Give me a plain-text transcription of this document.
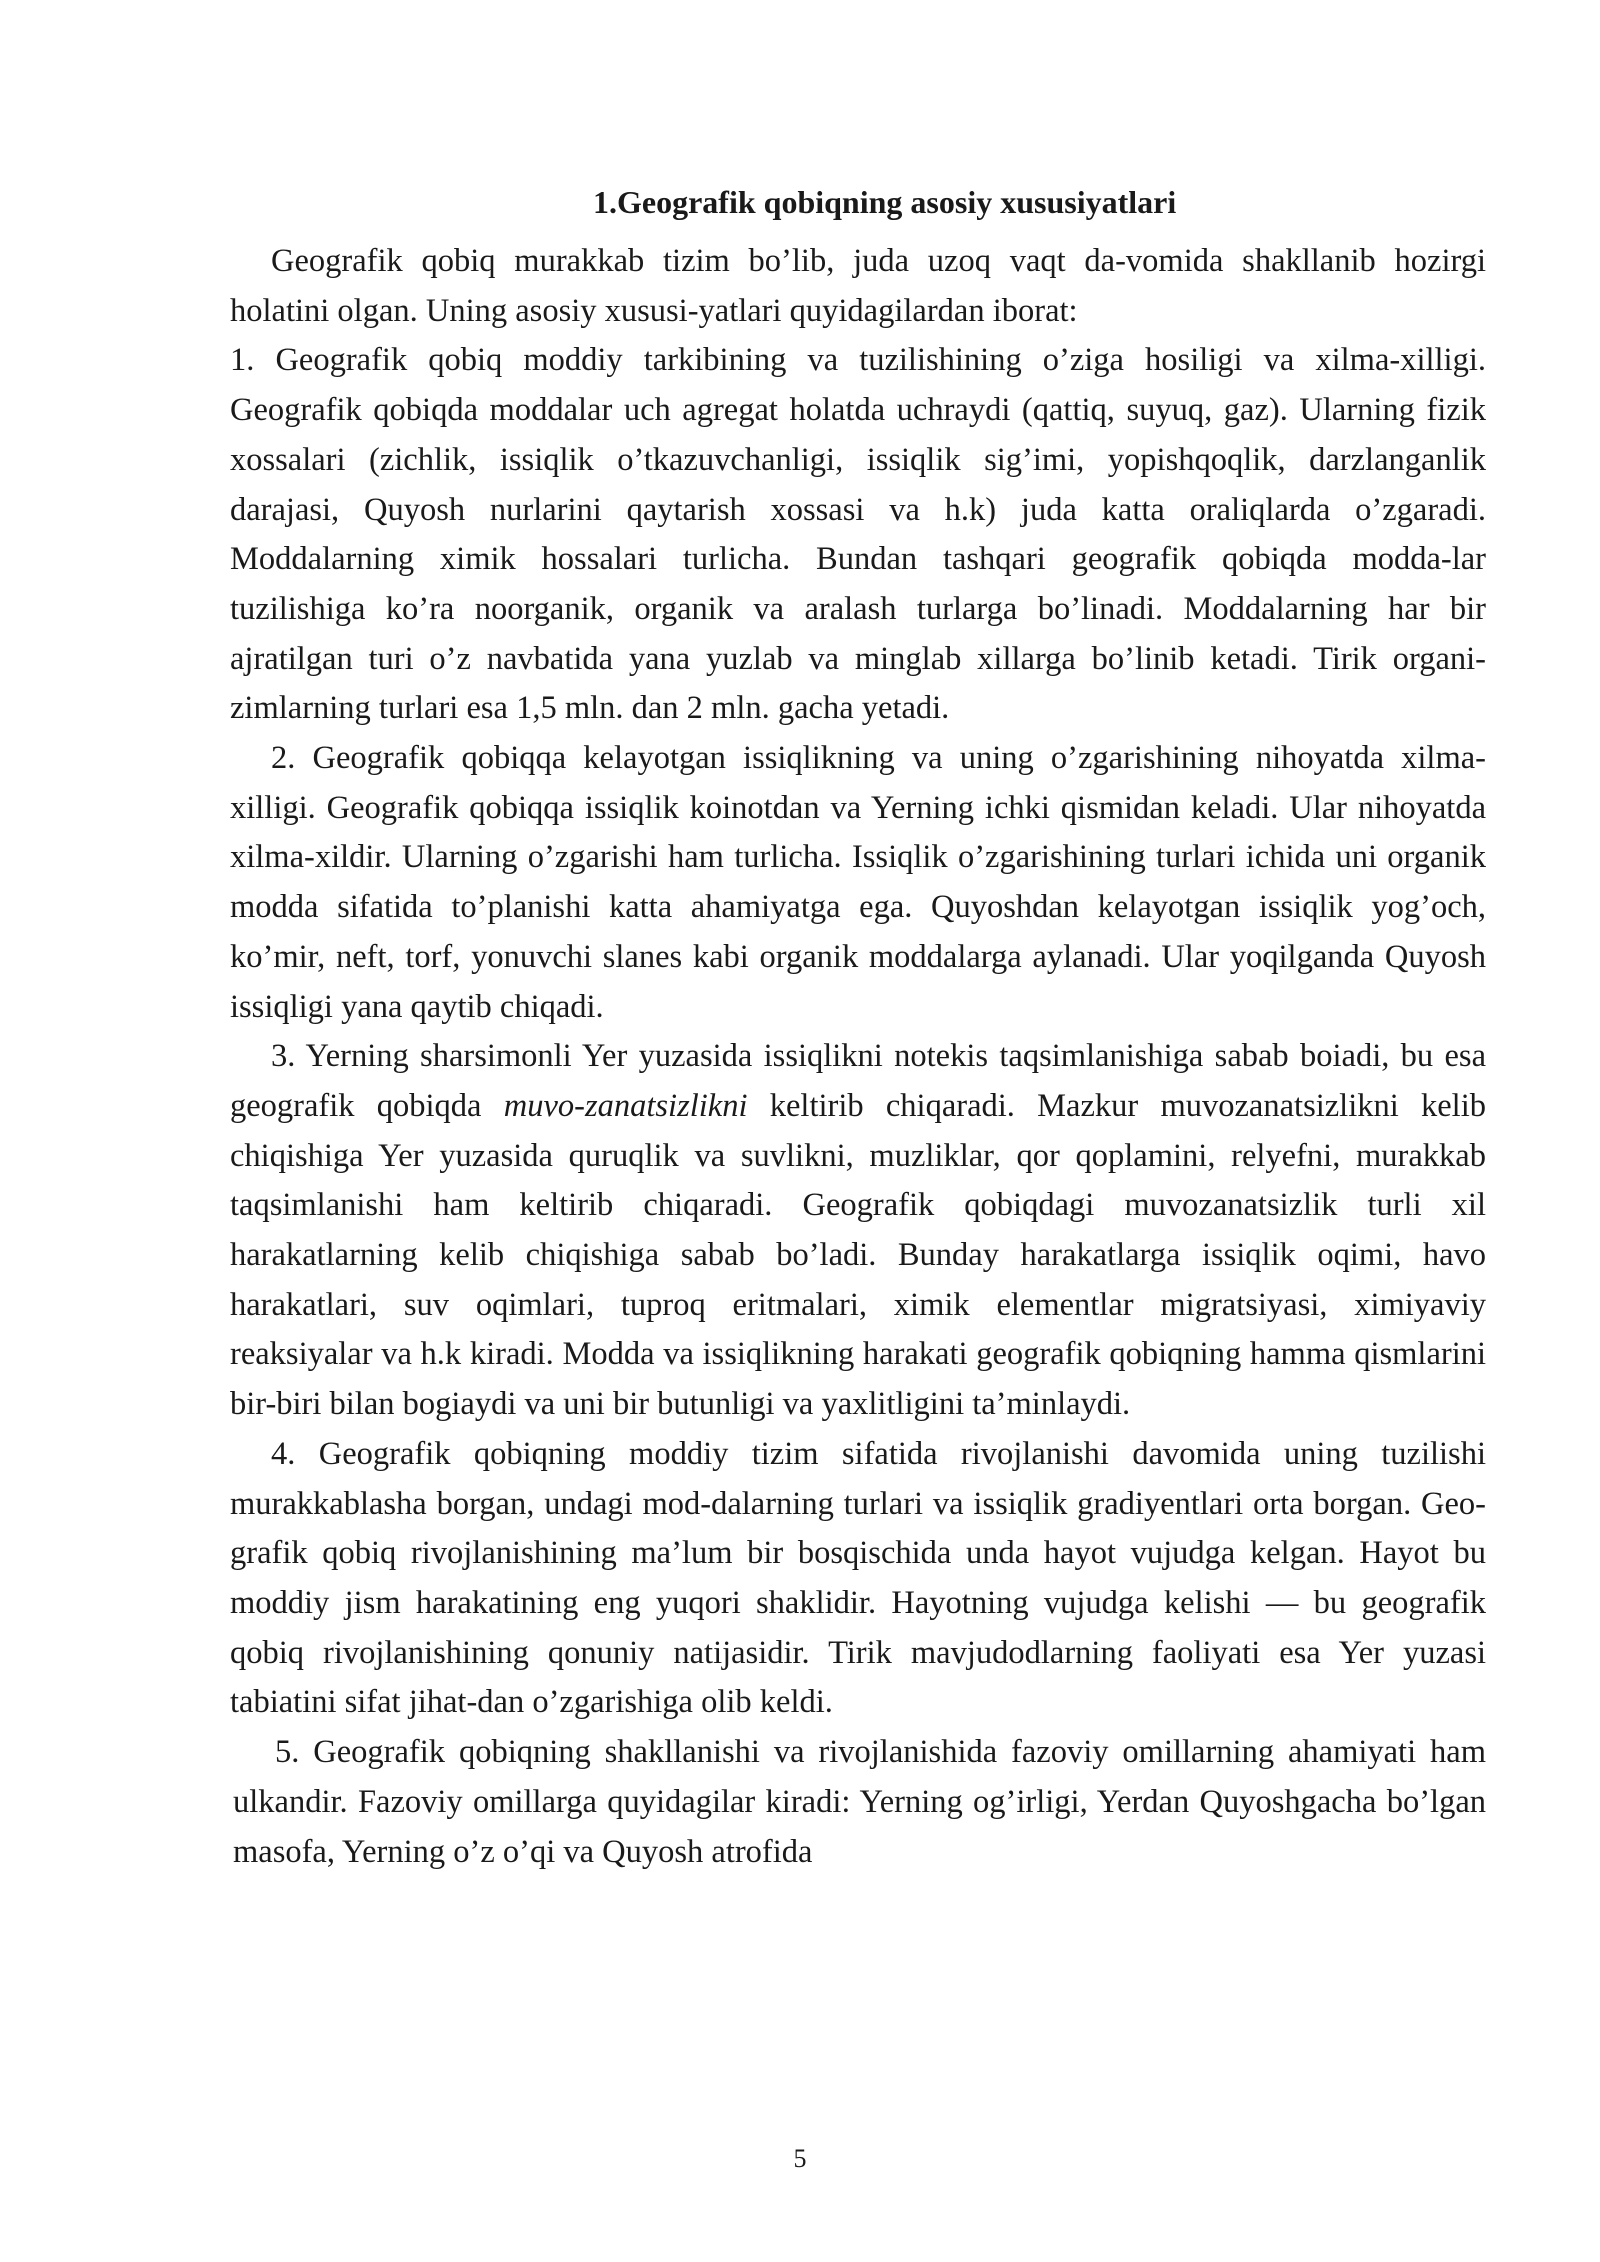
1.Geografik qobiqning asosiy xususiyatlari

Geografik qobiq murakkab tizim bo’lib, juda uzoq vaqt da-vomida shakllanib hozirgi holatini olgan. Uning asosiy xususi-yatlari quyidagilardan iborat:

1. Geografik qobiq moddiy tarkibining va tuzilishining o’ziga hosiligi va xilma-xilligi. Geografik qobiqda moddalar uch agregat holatda uchraydi (qattiq, suyuq, gaz). Ularning fizik xossalari (zichlik, issiqlik o’tkazuvchanligi, issiqlik sig’imi, yopishqoqlik, darzlanganlik darajasi, Quyosh nurlarini qaytarish xossasi va h.k) juda katta oraliqlarda o’zgaradi. Moddalarning ximik hossalari turlicha. Bundan tashqari geografik qobiqda modda-lar tuzilishiga ko’ra noorganik, organik va aralash turlarga bo’linadi. Moddalarning har bir ajratilgan turi o’z navbatida yana yuzlab va minglab xillarga bo’linib ketadi. Tirik organi-zimlarning turlari esa 1,5 mln. dan 2 mln. gacha yetadi.

2. Geografik qobiqqa kelayotgan issiqlikning va uning o’zgarishining nihoyatda xilma-xilligi. Geografik qobiqqa issiqlik koinotdan va Yerning ichki qismidan keladi. Ular nihoyatda xilma-xildir. Ularning o’zgarishi ham turlicha. Issiqlik o’zgarishining turlari ichida uni organik modda sifatida to’planishi katta ahamiyatga ega. Quyoshdan kelayotgan issiqlik yog’och, ko’mir, neft, torf, yonuvchi slanes kabi organik moddalarga aylanadi. Ular yoqilganda Quyosh issiqligi yana qaytib chiqadi.

3. Yerning sharsimonli Yer yuzasida issiqlikni notekis taqsimlanishiga sabab boiadi, bu esa geografik qobiqda muvo-zanatsizlikni keltirib chiqaradi. Mazkur muvozanatsizlikni kelib chiqishiga Yer yuzasida quruqlik va suvlikni, muzliklar, qor qoplamini, relyefni, murakkab taqsimlanishi ham keltirib chiqaradi. Geografik qobiqdagi muvozanatsizlik turli xil harakatlarning kelib chiqishiga sabab bo’ladi. Bunday harakatlarga issiqlik oqimi, havo harakatlari, suv oqimlari, tuproq eritmalari, ximik elementlar migratsiyasi, ximiyaviy reaksiyalar va h.k kiradi. Modda va issiqlikning harakati geografik qobiqning hamma qismlarini bir-biri bilan bogiaydi va uni bir butunligi va yaxlitligini ta’minlaydi.

4. Geografik qobiqning moddiy tizim sifatida rivojlanishi davomida uning tuzilishi murakkablasha borgan, undagi mod-dalarning turlari va issiqlik gradiyentlari orta borgan. Geo-grafik qobiq rivojlanishining ma’lum bir bosqischida unda hayot vujudga kelgan. Hayot bu moddiy jism harakatining eng yuqori shaklidir. Hayotning vujudga kelishi — bu geografik qobiq rivojlanishining qonuniy natijasidir. Tirik mavjudodlarning faoliyati esa Yer yuzasi tabiatini sifat jihat-dan o’zgarishiga olib keldi.

5. Geografik qobiqning shakllanishi va rivojlanishida fazoviy omillarning ahamiyati ham ulkandir. Fazoviy omillarga quyidagilar kiradi: Yerning og’irligi, Yerdan Quyoshgacha bo’lgan masofa, Yerning o’z o’qi va Quyosh atrofida

5
